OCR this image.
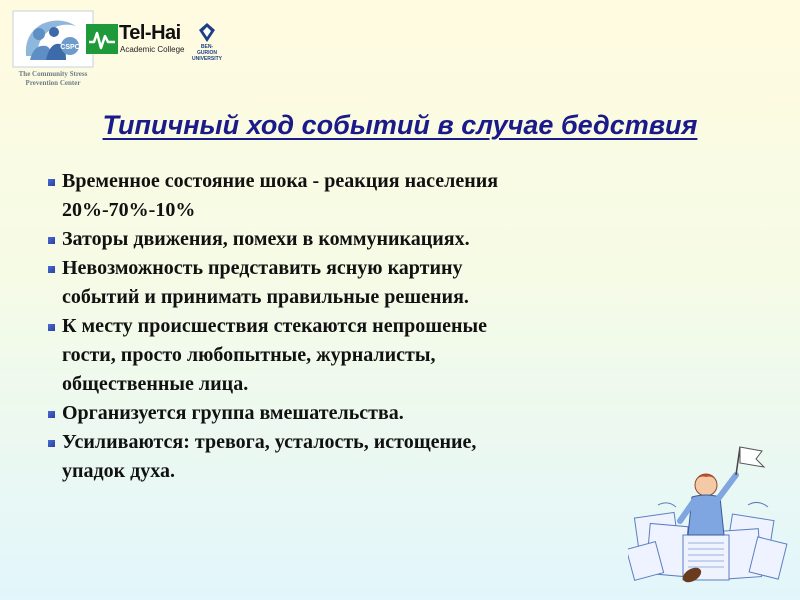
CSPC
The Community Stress
Prevention Center
Tel-Hai
Academic College	BEN-GURION
UNIVERSITY
Типичный ход событий в случае бедствия
Временное состояние шока - реакция населения
20%-70%-10%
Заторы движения, помехи в коммуникациях.
Невозможность представить ясную картину
событий и принимать правильные решения.
К месту происшествия стекаются непрошеные
гости, просто любопытные, журналисты,
общественные лица.
Организуется группа вмешательства.
Усиливаются: тревога, усталость, истощение,
упадок духа.
